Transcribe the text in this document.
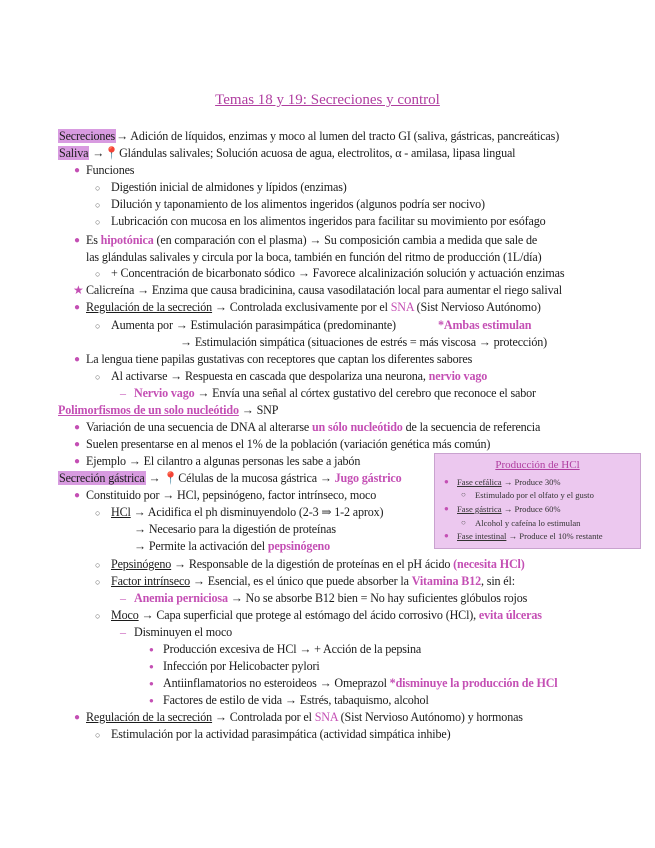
Temas 18 y 19: Secreciones y control
Secreciones→ Adición de líquidos, enzimas y moco al lumen del tracto GI (saliva, gástricas, pancreáticas)
Saliva →📍Glándulas salivales; Solución acuosa de agua, electrolitos, α - amilasa, lipasa lingual
● Funciones
○ Digestión inicial de almidones y lípidos (enzimas)
○ Dilución y taponamiento de los alimentos ingeridos (algunos podría ser nocivo)
○ Lubricación con mucosa en los alimentos ingeridos para facilitar su movimiento por esófago
● Es hipotónica (en comparación con el plasma) → Su composición cambia a medida que sale de
las glándulas salivales y circula por la boca, también en función del ritmo de producción (1L/día)
○ + Concentración de bicarbonato sódico → Favorece alcalinización solución y actuación enzimas
★ Calicreína → Enzima que causa bradicinina, causa vasodilatación local para aumentar el riego salival
● Regulación de la secreción → Controlada exclusivamente por el SNA (Sist Nervioso Autónomo)
○ Aumenta por → Estimulación parasimpática (predominante)	*Ambas estimulan
→ Estimulación simpática (situaciones de estrés = más viscosa → protección)
● La lengua tiene papilas gustativas con receptores que captan los diferentes sabores
○ Al activarse → Respuesta en cascada que despolariza una neurona, nervio vago
– Nervio vago → Envía una señal al córtex gustativo del cerebro que reconoce el sabor
Polimorfismos de un solo nucleótido → SNP
● Variación de una secuencia de DNA al alterarse un sólo nucleótido de la secuencia de referencia
● Suelen presentarse en al menos el 1% de la población (variación genética más común)
● Ejemplo → El cilantro a algunas personas les sabe a jabón
Secreción gástrica → 📍Células de la mucosa gástrica → Jugo gástrico
● Constituido por → HCl, pepsinógeno, factor intrínseco, moco
○ HCl → Acidifica el ph disminuyendolo (2-3 ⇒ 1-2 aprox)
→ Necesario para la digestión de proteínas
→ Permite la activación del pepsinógeno
○ Pepsinógeno → Responsable de la digestión de proteínas en el pH ácido (necesita HCl)
○ Factor intrínseco → Esencial, es el único que puede absorber la Vitamina B12, sin él:
– Anemia perniciosa → No se absorbe B12 bien = No hay suficientes glóbulos rojos
○ Moco → Capa superficial que protege al estómago del ácido corrosivo (HCl), evita úlceras
– Disminuyen el moco
● Producción excesiva de HCl → + Acción de la pepsina
● Infección por Helicobacter pylori
● Antiinflamatorios no esteroideos → Omeprazol *disminuye la producción de HCl
● Factores de estilo de vida → Estrés, tabaquismo, alcohol
● Regulación de la secreción → Controlada por el SNA (Sist Nervioso Autónomo) y hormonas
○ Estimulación por la actividad parasimpática (actividad simpática inhibe)
Producción de HCl
● Fase cefálica → Produce 30%
○ Estimulado por el olfato y el gusto
● Fase gástrica → Produce 60%
○ Alcohol y cafeína lo estimulan
● Fase intestinal → Produce el 10% restante
